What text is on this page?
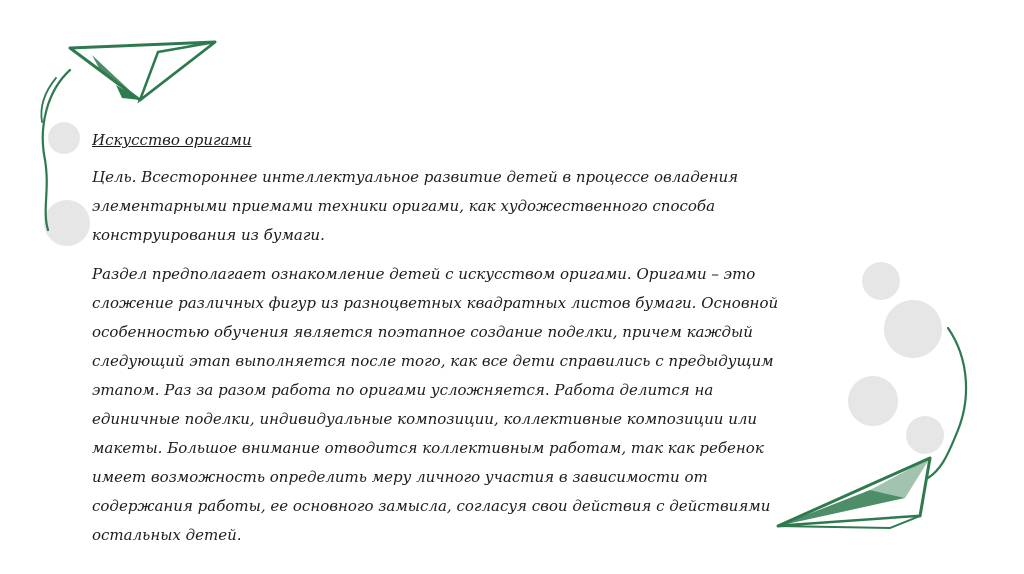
Искусство оригами

Цель. Всестороннее интеллектуальное развитие детей в процессе овладения элементарными приемами техники оригами, как художественного способа конструирования из бумаги.

Раздел предполагает ознакомление детей с искусством оригами. Оригами – это сложение различных фигур из разноцветных квадратных листов бумаги. Основной особенностью обучения является поэтапное создание поделки, причем каждый следующий этап выполняется после того, как все дети справились с предыдущим этапом. Раз за разом работа по оригами усложняется. Работа делится на единичные поделки, индивидуальные композиции, коллективные композиции или макеты. Большое внимание отводится коллективным работам, так как ребенок имеет возможность определить меру личного участия в зависимости от содержания работы, ее основного замысла, согласуя свои действия с действиями остальных детей.
